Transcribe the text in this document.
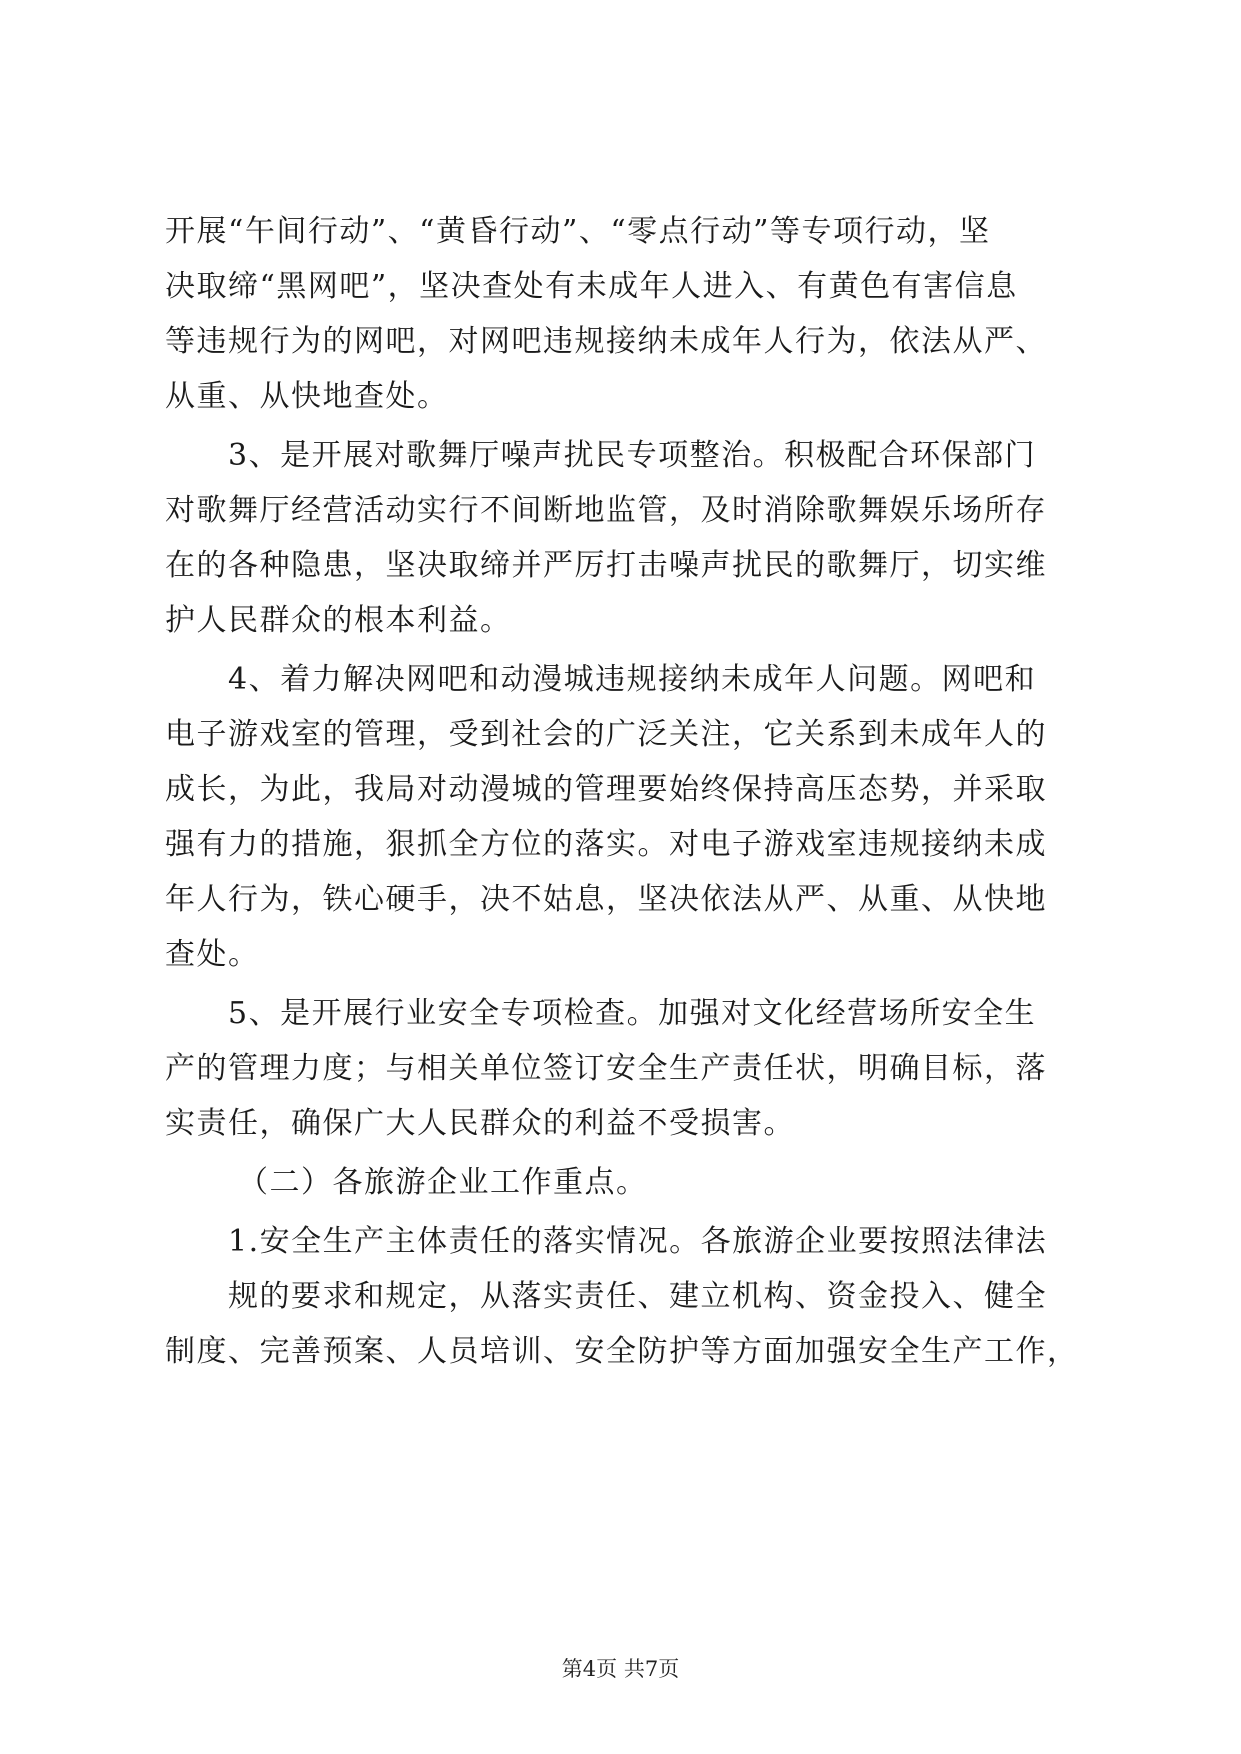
开展“午间行动”、“黄昏行动”、“零点行动”等专项行动，坚
决取缔“黑网吧”，坚决查处有未成年人进入、有黄色有害信息
等违规行为的网吧，对网吧违规接纳未成年人行为，依法从严、
从重、从快地查处。
3、是开展对歌舞厅噪声扰民专项整治。积极配合环保部门
对歌舞厅经营活动实行不间断地监管，及时消除歌舞娱乐场所存
在的各种隐患，坚决取缔并严厉打击噪声扰民的歌舞厅，切实维
护人民群众的根本利益。
4、着力解决网吧和动漫城违规接纳未成年人问题。网吧和
电子游戏室的管理，受到社会的广泛关注，它关系到未成年人的
成长，为此，我局对动漫城的管理要始终保持高压态势，并采取
强有力的措施，狠抓全方位的落实。对电子游戏室违规接纳未成
年人行为，铁心硬手，决不姑息，坚决依法从严、从重、从快地
查处。
5、是开展行业安全专项检查。加强对文化经营场所安全生
产的管理力度；与相关单位签订安全生产责任状，明确目标，落
实责任，确保广大人民群众的利益不受损害。
（二）各旅游企业工作重点。
1.安全生产主体责任的落实情况。各旅游企业要按照法律法
规的要求和规定，从落实责任、建立机构、资金投入、健全
制度、完善预案、人员培训、安全防护等方面加强安全生产工作，
第4页 共7页
